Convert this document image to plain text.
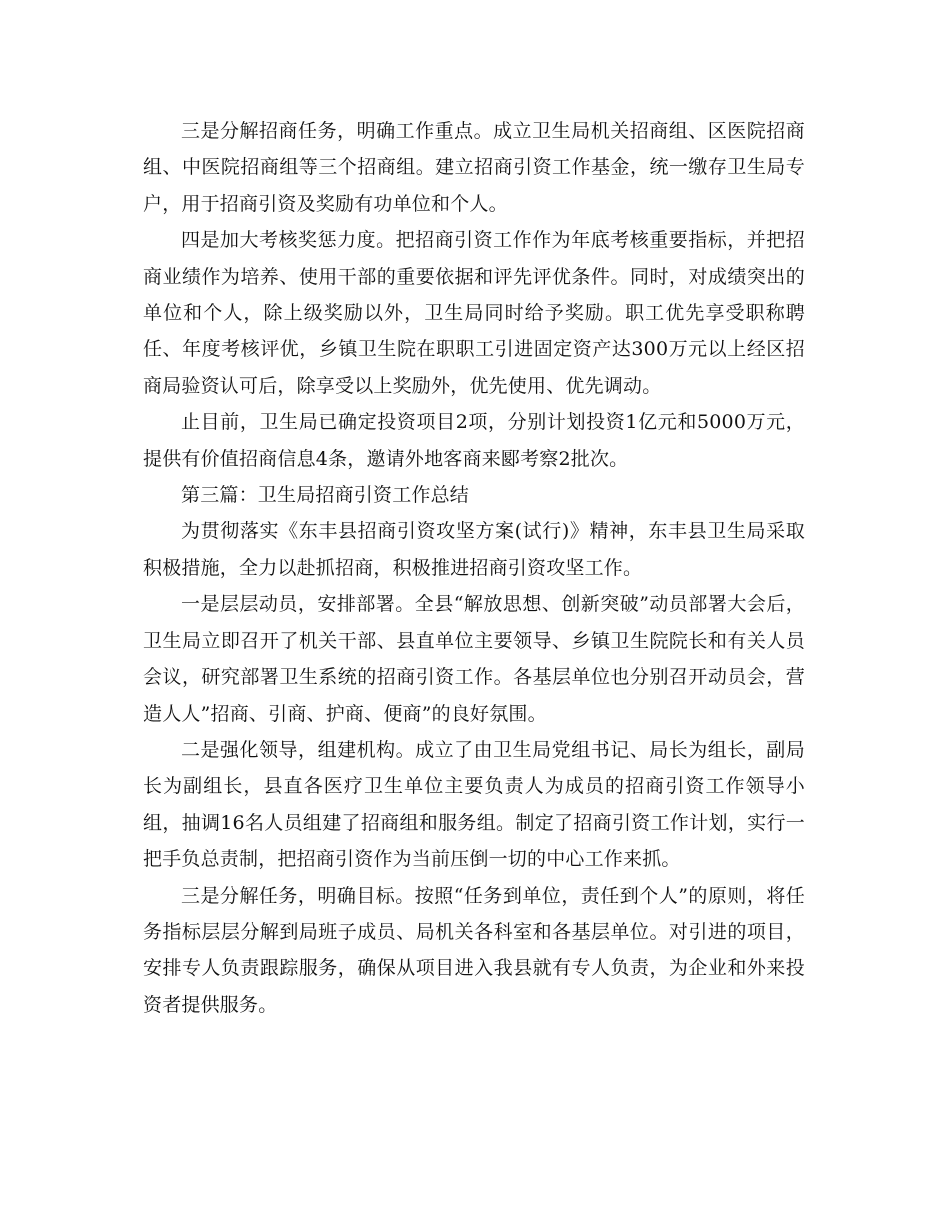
三是分解招商任务，明确工作重点。成立卫生局机关招商组、区医院招商组、中医院招商组等三个招商组。建立招商引资工作基金，统一缴存卫生局专户，用于招商引资及奖励有功单位和个人。

四是加大考核奖惩力度。把招商引资工作作为年底考核重要指标，并把招商业绩作为培养、使用干部的重要依据和评先评优条件。同时，对成绩突出的单位和个人，除上级奖励以外，卫生局同时给予奖励。职工优先享受职称聘任、年度考核评优，乡镇卫生院在职职工引进固定资产达300万元以上经区招商局验资认可后，除享受以上奖励外，优先使用、优先调动。

止目前，卫生局已确定投资项目2项，分别计划投资1亿元和5000万元，提供有价值招商信息4条，邀请外地客商来郾考察2批次。

第三篇：卫生局招商引资工作总结

为贯彻落实《东丰县招商引资攻坚方案(试行)》精神，东丰县卫生局采取积极措施，全力以赴抓招商，积极推进招商引资攻坚工作。

一是层层动员，安排部署。全县“解放思想、创新突破”动员部署大会后，卫生局立即召开了机关干部、县直单位主要领导、乡镇卫生院院长和有关人员会议，研究部署卫生系统的招商引资工作。各基层单位也分别召开动员会，营造人人”招商、引商、护商、便商”的良好氛围。

二是强化领导，组建机构。成立了由卫生局党组书记、局长为组长，副局长为副组长，县直各医疗卫生单位主要负责人为成员的招商引资工作领导小组，抽调16名人员组建了招商组和服务组。制定了招商引资工作计划，实行一把手负总责制，把招商引资作为当前压倒一切的中心工作来抓。

三是分解任务，明确目标。按照“任务到单位，责任到个人”的原则，将任务指标层层分解到局班子成员、局机关各科室和各基层单位。对引进的项目，安排专人负责跟踪服务，确保从项目进入我县就有专人负责，为企业和外来投资者提供服务。
